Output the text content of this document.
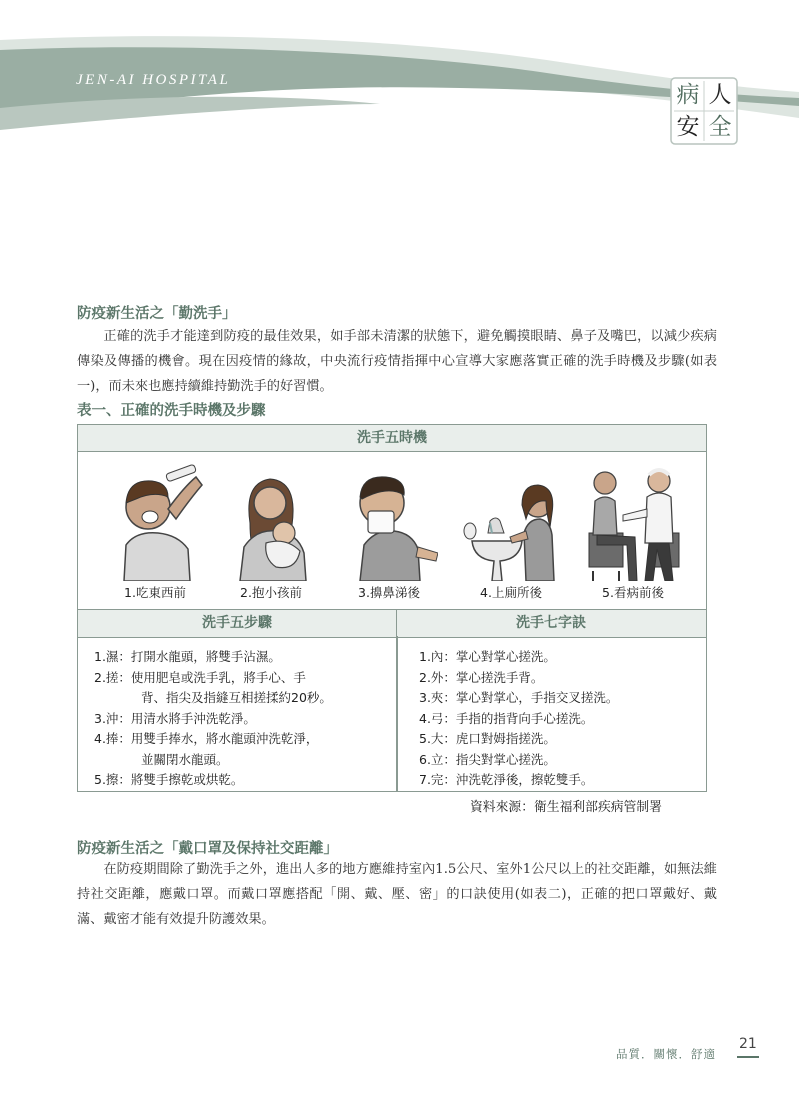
JEN-AI HOSPITAL
病 人
安 全
防疫新生活之「勤洗手」

正確的洗手才能達到防疫的最佳效果，如手部未清潔的狀態下，避免觸摸眼睛、鼻子及嘴巴，以減少疾病傳染及傳播的機會。現在因疫情的緣故，中央流行疫情指揮中心宣導大家應落實正確的洗手時機及步驟(如表一)，而未來也應持續維持勤洗手的好習慣。

表一、正確的洗手時機及步驟
洗手五時機
1.吃東西前	2.抱小孩前	3.擤鼻涕後	4.上廁所後	5.看病前後
洗手五步驟	洗手七字訣
1.濕：打開水龍頭，將雙手沾濕。
2.搓：使用肥皂或洗手乳，將手心、手
背、指尖及指縫互相搓揉約20秒。
3.沖：用清水將手沖洗乾淨。
4.捧：用雙手捧水，將水龍頭沖洗乾淨，
並關閉水龍頭。
5.擦：將雙手擦乾或烘乾。
1.內：掌心對掌心搓洗。
2.外：掌心搓洗手背。
3.夾：掌心對掌心，手指交叉搓洗。
4.弓：手指的指背向手心搓洗。
5.大：虎口對姆指搓洗。
6.立：指尖對掌心搓洗。
7.完：沖洗乾淨後，擦乾雙手。
資料來源：衛生福利部疾病管制署
防疫新生活之「戴口罩及保持社交距離」

在防疫期間除了勤洗手之外，進出人多的地方應維持室內1.5公尺、室外1公尺以上的社交距離，如無法維持社交距離，應戴口罩。而戴口罩應搭配「開、戴、壓、密」的口訣使用(如表二)，正確的把口罩戴好、戴滿、戴密才能有效提升防護效果。

品質．關懷．舒適
21
